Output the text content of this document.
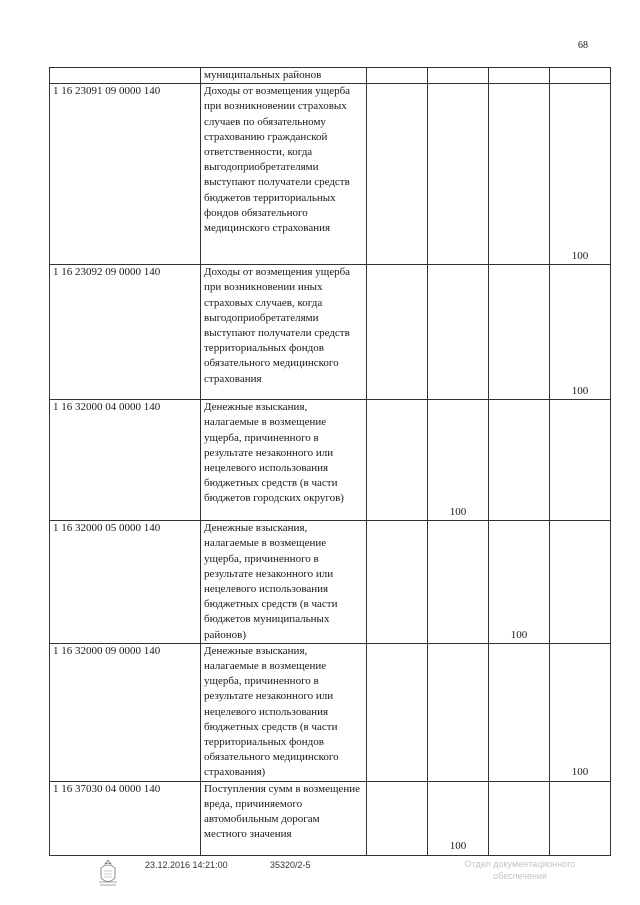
68
	муниципальных районов				
1 16 23091 09 0000 140	Доходы от возмещения ущерба при возникновении страховых случаев по обязательному страхованию гражданской ответственности, когда выгодоприобретателями выступают получатели средств бюджетов территориальных фондов обязательного медицинского страхования				100
1 16 23092 09 0000 140	Доходы от возмещения ущерба при возникновении иных страховых случаев, когда выгодоприобретателями выступают получатели средств территориальных фондов обязательного медицинского страхования				100
1 16 32000 04 0000 140	Денежные взыскания, налагаемые в возмещение ущерба, причиненного в результате незаконного или нецелевого использования бюджетных средств (в части бюджетов городских округов)		100		
1 16 32000 05 0000 140	Денежные взыскания, налагаемые в возмещение ущерба, причиненного в результате незаконного или нецелевого использования бюджетных средств (в части бюджетов муниципальных районов)			100	
1 16 32000 09 0000 140	Денежные взыскания, налагаемые в возмещение ущерба, причиненного в результате незаконного или нецелевого использования бюджетных средств (в части территориальных фондов обязательного медицинского страхования)				100
1 16 37030 04 0000 140	Поступления сумм в возмещение вреда, причиняемого автомобильным дорогам местного значения		100		
23.12.2016 14:21:00	35320/2-5	Отдел документационного обеспечения
